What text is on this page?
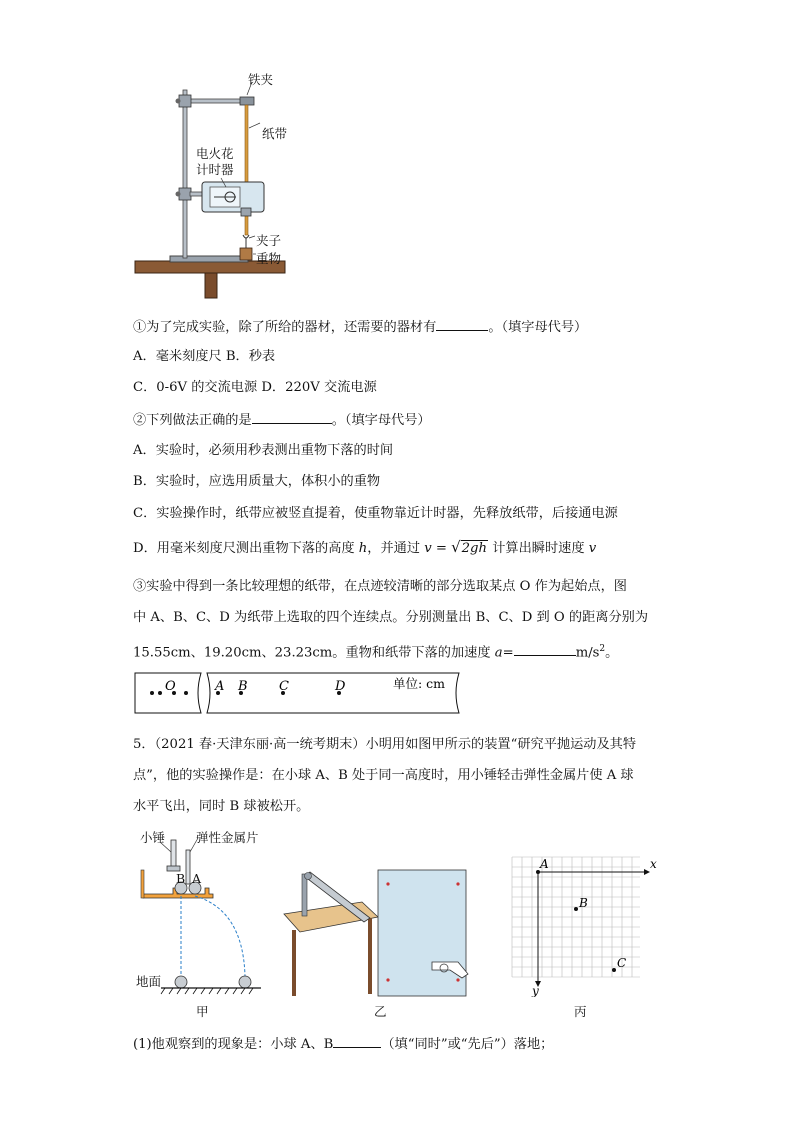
铁夹
纸带
电火花
计时器
夹子
重物
①为了完成实验，除了所给的器材，还需要的器材有	。（填字母代号）
A．毫米刻度尺 B．秒表
C．0-6V 的交流电源 D．220V 交流电源
②下列做法正确的是	。（填字母代号）
A．实验时，必须用秒表测出重物下落的时间
B．实验时，应选用质量大，体积小的重物
C．实验操作时，纸带应被竖直提着，使重物靠近计时器，先释放纸带，后接通电源
D．用毫米刻度尺测出重物下落的高度 h，并通过 v = √2gh 计算出瞬时速度 v
③实验中得到一条比较理想的纸带，在点迹较清晰的部分选取某点 O 作为起始点，图
中 A、B、C、D 为纸带上选取的四个连续点。分别测量出 B、C、D 到 O 的距离分别为
15.55cm、19.20cm、23.23cm。重物和纸带下落的加速度 a=	$m/s^2$。
O	A B C	D	单位: cm
5．（2021 春·天津东丽·高一统考期末）小明用如图甲所示的装置“研究平抛运动及其特
点”，他的实验操作是：在小球 A、B 处于同一高度时，用小锤轻击弹性金属片使 A 球
水平飞出，同时 B 球被松开。
小锤 弹性金属片
B A
地面
甲	乙
A
B
C
x
y
丙
(1)他观察到的现象是：小球 A、B	（填“同时”或“先后”）落地；
